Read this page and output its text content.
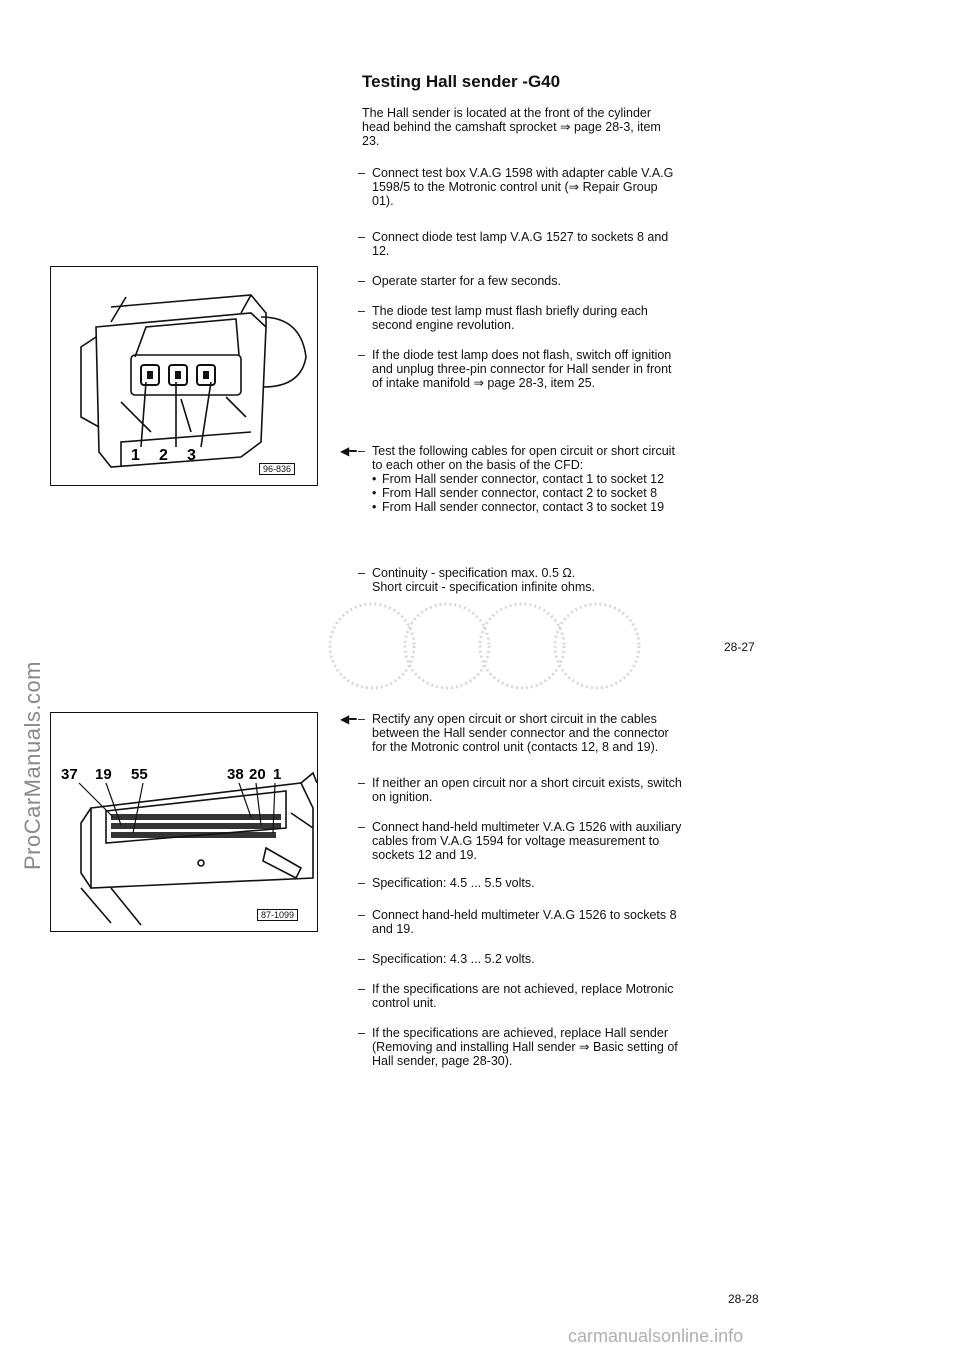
ProCarManuals.com
Testing Hall sender -G40
The Hall sender is located at the front of the cylinder head behind the camshaft sprocket ⇒ page 28-3, item 23.
– Connect test box V.A.G 1598 with adapter cable V.A.G 1598/5 to the Motronic control unit (⇒ Repair Group 01).
– Connect diode test lamp V.A.G 1527 to sockets 8 and 12.
– Operate starter for a few seconds.
– The diode test lamp must flash briefly during each second engine revolution.
– If the diode test lamp does not flash, switch off ignition and unplug three-pin connector for Hall sender in front of intake manifold ⇒ page 28-3, item 25.
◀━ – Test the following cables for open circuit or short circuit to each other on the basis of the CFD:
• From Hall sender connector, contact 1 to socket 12
• From Hall sender connector, contact 2 to socket 8
• From Hall sender connector, contact 3 to socket 19
– Continuity - specification max. 0.5 Ω.
Short circuit - specification infinite ohms.
28-27
◀━ – Rectify any open circuit or short circuit in the cables between the Hall sender connector and the connector for the Motronic control unit (contacts 12, 8 and 19).
– If neither an open circuit nor a short circuit exists, switch on ignition.
– Connect hand-held multimeter V.A.G 1526 with auxiliary cables from V.A.G 1594 for voltage measurement to sockets 12 and 19.
– Specification: 4.5 ... 5.5 volts.
– Connect hand-held multimeter V.A.G 1526 to sockets 8 and 19.
– Specification: 4.3 ... 5.2 volts.
– If the specifications are not achieved, replace Motronic control unit.
– If the specifications are achieved, replace Hall sender (Removing and installing Hall sender ⇒ Basic setting of Hall sender, page 28-30).
1 2 3
96-836
37 19 55	38 20 1
87-1099
28-28
carmanualsonline.info
